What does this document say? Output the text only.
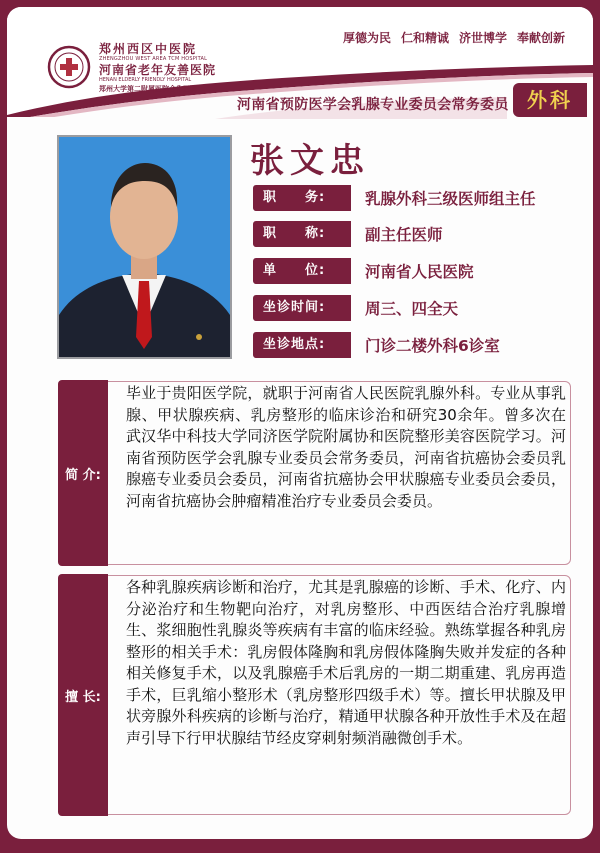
郑州西区中医院
ZHENGZHOU WEST AREA TCM HOSPITAL
河南省老年友善医院
HENAN ELDERLY FRIENDLY HOSPITAL
郑州大学第二附属医院合作医院
厚德为民 仁和精诚 济世博学 奉献创新
河南省预防医学会乳腺专业委员会常务委员 外科
张文忠
职　　务:	乳腺外科三级医师组主任
职　　称:	副主任医师
单　　位:	河南省人民医院
坐诊时间:	周三、四全天
坐诊地点:	门诊二楼外科6诊室
简 介:
毕业于贵阳医学院，就职于河南省人民医院乳腺外科。专业从事乳腺、甲状腺疾病、乳房整形的临床诊治和研究30余年。曾多次在武汉华中科技大学同济医学院附属协和医院整形美容医院学习。河南省预防医学会乳腺专业委员会常务委员，河南省抗癌协会委员乳腺癌专业委员会委员，河南省抗癌协会甲状腺癌专业委员会委员，河南省抗癌协会肿瘤精准治疗专业委员会委员。
擅 长:
各种乳腺疾病诊断和治疗，尤其是乳腺癌的诊断、手术、化疗、内分泌治疗和生物靶向治疗，对乳房整形、中西医结合治疗乳腺增生、浆细胞性乳腺炎等疾病有丰富的临床经验。熟练掌握各种乳房整形的相关手术：乳房假体隆胸和乳房假体隆胸失败并发症的各种相关修复手术，以及乳腺癌手术后乳房的一期二期重建、乳房再造手术，巨乳缩小整形术（乳房整形四级手术）等。擅长甲状腺及甲状旁腺外科疾病的诊断与治疗，精通甲状腺各种开放性手术及在超声引导下行甲状腺结节经皮穿刺射频消融微创手术。
